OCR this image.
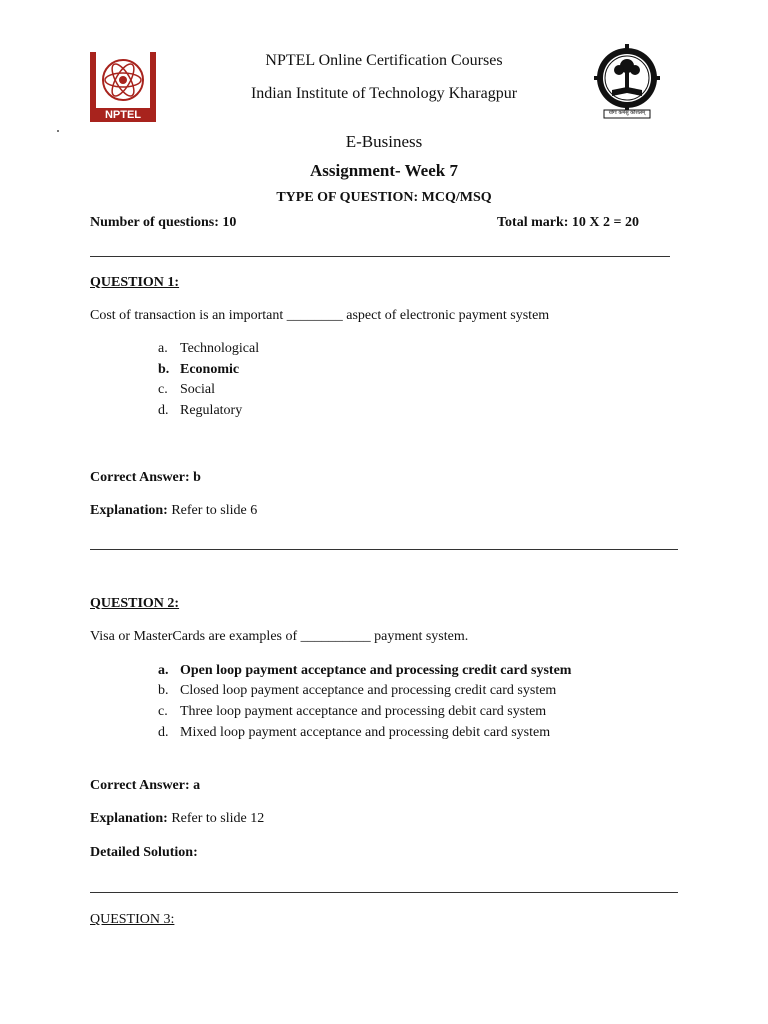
NPTEL	योगः कर्मसु कौशलम्

NPTEL Online Certification Courses

Indian Institute of Technology Kharagpur

E-Business

Assignment- Week 7

TYPE OF QUESTION: MCQ/MSQ

Number of questions: 10	Total mark: 10 X 2 = 20

QUESTION 1:

Cost of transaction is an important ________ aspect of electronic payment system

a. Technological

b. Economic

c. Social

d. Regulatory

Correct Answer: b

Explanation: Refer to slide 6

QUESTION 2:

Visa or MasterCards are examples of __________ payment system.

a. Open loop payment acceptance and processing credit card system

b. Closed loop payment acceptance and processing credit card system

c. Three loop payment acceptance and processing debit card system

d. Mixed loop payment acceptance and processing debit card system

Correct Answer: a

Explanation: Refer to slide 12

Detailed Solution:

QUESTION 3:
